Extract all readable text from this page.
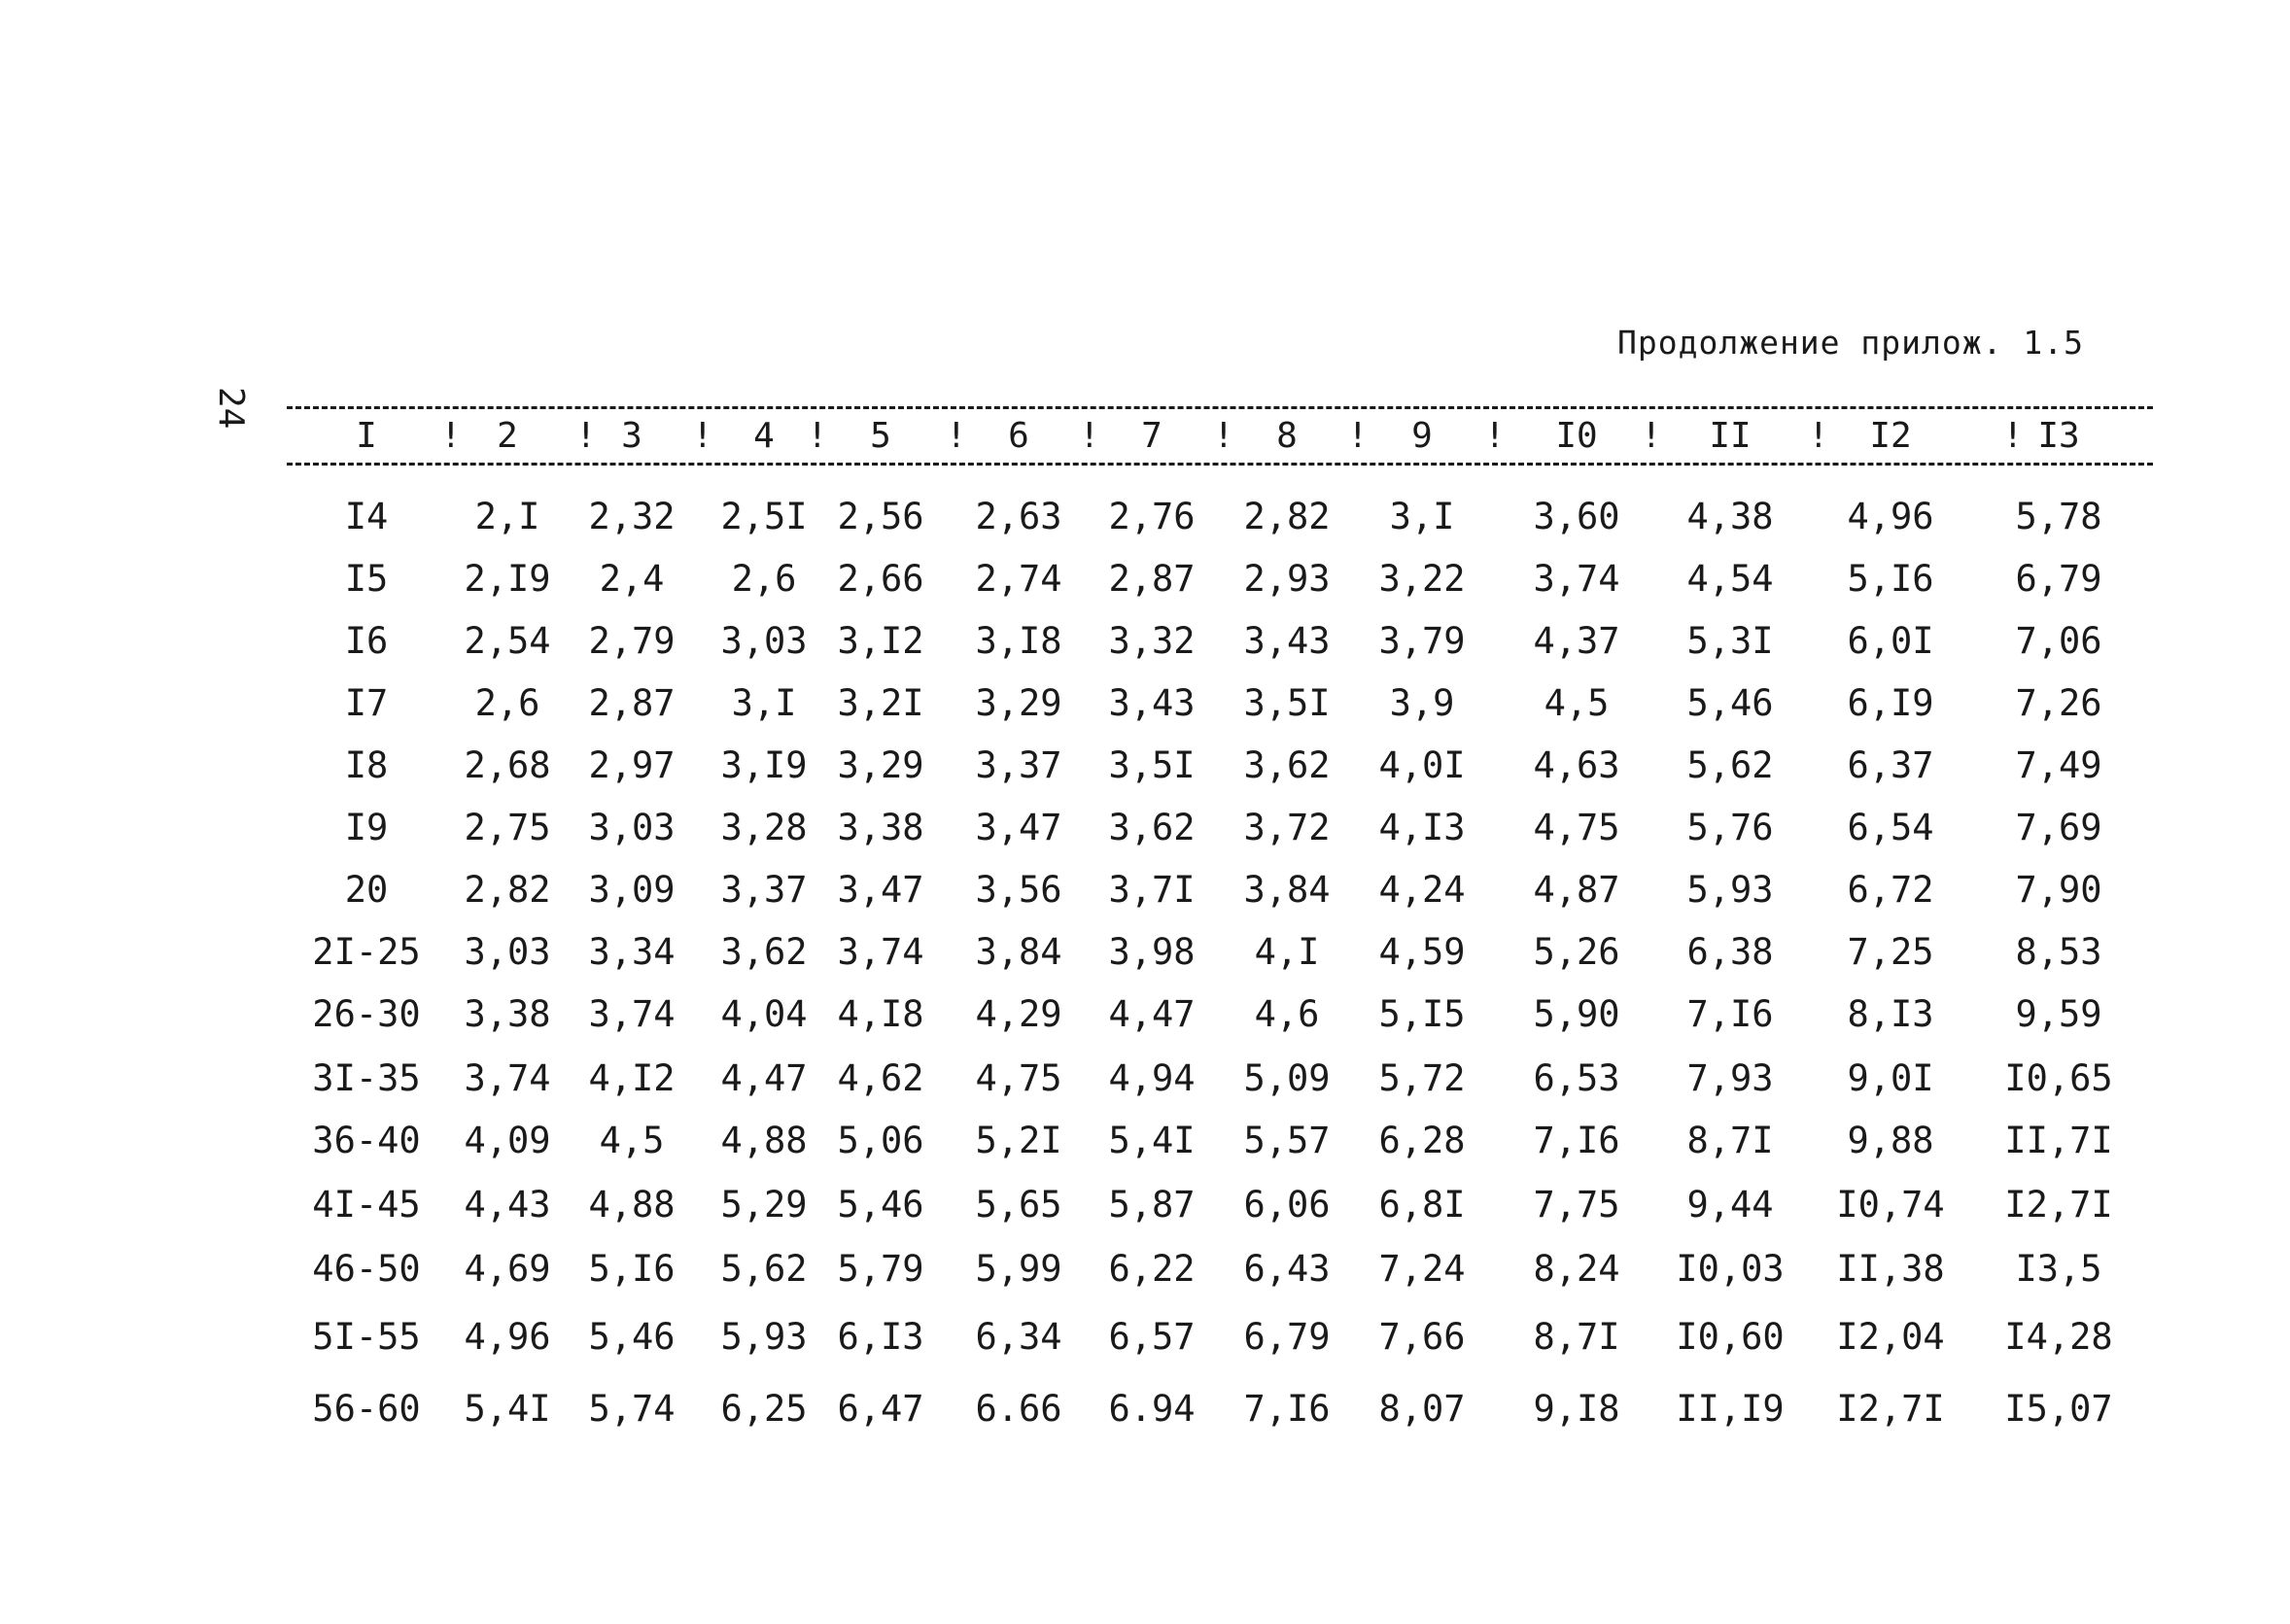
Продолжение прилож. 1.5
24
I	2	3	4	5	6	7	8	9	I0	II	I2	I3
!	!	!	!	!	!	!	!	!	!	!	!
I4	2,I	2,32	2,5I 2,56	2,63	2,76	2,82	3,I	3,60	4,38	4,96	5,78
I5	2,I9	2,4	2,6	2,66	2,74	2,87	2,93	3,22	3,74	4,54	5,I6	6,79
I6	2,54	2,79	3,03 3,I2	3,I8	3,32	3,43	3,79	4,37	5,3I	6,0I	7,06
I7	2,6	2,87	3,I	3,2I	3,29	3,43	3,5I	3,9	4,5	5,46	6,I9	7,26
I8	2,68	2,97	3,I9 3,29	3,37	3,5I	3,62	4,0I	4,63	5,62	6,37	7,49
I9	2,75	3,03	3,28 3,38	3,47	3,62	3,72	4,I3	4,75	5,76	6,54	7,69
20	2,82	3,09	3,37 3,47	3,56	3,7I	3,84	4,24	4,87	5,93	6,72	7,90
2I-25	3,03	3,34	3,62 3,74	3,84	3,98	4,I	4,59	5,26	6,38	7,25	8,53
26-30	3,38	3,74	4,04 4,I8	4,29	4,47	4,6	5,I5	5,90	7,I6	8,I3	9,59
3I-35	3,74	4,I2	4,47 4,62	4,75	4,94	5,09	5,72	6,53	7,93	9,0I	I0,65
36-40	4,09	4,5	4,88 5,06	5,2I	5,4I	5,57	6,28	7,I6	8,7I	9,88	II,7I
4I-45	4,43	4,88	5,29 5,46	5,65	5,87	6,06	6,8I	7,75	9,44	I0,74	I2,7I
46-50	4,69	5,I6	5,62 5,79	5,99	6,22	6,43	7,24	8,24	I0,03	II,38	I3,5
5I-55	4,96	5,46	5,93 6,I3	6,34	6,57	6,79	7,66	8,7I	I0,60	I2,04	I4,28
56-60	5,4I	5,74	6,25 6,47	6.66	6.94	7,I6	8,07	9,I8	II,I9	I2,7I	I5,07
